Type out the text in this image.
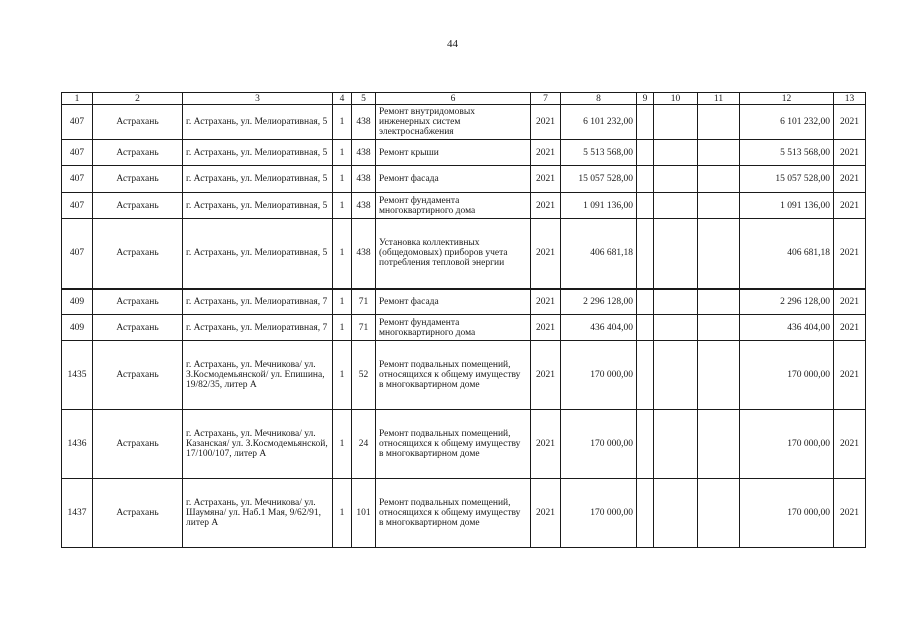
44
1	2	3	4	5	6	7	8	9	10	11	12	13
407	Астрахань	г. Астрахань, ул. Мелиоративная, 5	1	438	Ремонт внутридомовых инженерных систем электроснабжения	2021	6 101 232,00				6 101 232,00	2021
407	Астрахань	г. Астрахань, ул. Мелиоративная, 5	1	438	Ремонт крыши	2021	5 513 568,00				5 513 568,00	2021
407	Астрахань	г. Астрахань, ул. Мелиоративная, 5	1	438	Ремонт фасада	2021	15 057 528,00				15 057 528,00	2021
407	Астрахань	г. Астрахань, ул. Мелиоративная, 5	1	438	Ремонт фундамента многоквартирного дома	2021	1 091 136,00				1 091 136,00	2021
407	Астрахань	г. Астрахань, ул. Мелиоративная, 5	1	438	Установка коллективных (общедомовых) приборов учета потребления тепловой энергии	2021	406 681,18				406 681,18	2021
409	Астрахань	г. Астрахань, ул. Мелиоративная, 7	1	71	Ремонт фасада	2021	2 296 128,00				2 296 128,00	2021
409	Астрахань	г. Астрахань, ул. Мелиоративная, 7	1	71	Ремонт фундамента многоквартирного дома	2021	436 404,00				436 404,00	2021
1435	Астрахань	г. Астрахань, ул. Мечникова/ ул. З.Космодемьянской/ ул. Епишина, 19/82/35, литер А	1	52	Ремонт подвальных помещений, относящихся к общему имуществу в многоквартирном доме	2021	170 000,00				170 000,00	2021
1436	Астрахань	г. Астрахань, ул. Мечникова/ ул. Казанская/ ул. З.Космодемьянской, 17/100/107, литер А	1	24	Ремонт подвальных помещений, относящихся к общему имуществу в многоквартирном доме	2021	170 000,00				170 000,00	2021
1437	Астрахань	г. Астрахань, ул. Мечникова/ ул. Шаумяна/ ул. Наб.1 Мая, 9/62/91, литер А	1	101	Ремонт подвальных помещений, относящихся к общему имуществу в многоквартирном доме	2021	170 000,00				170 000,00	2021
